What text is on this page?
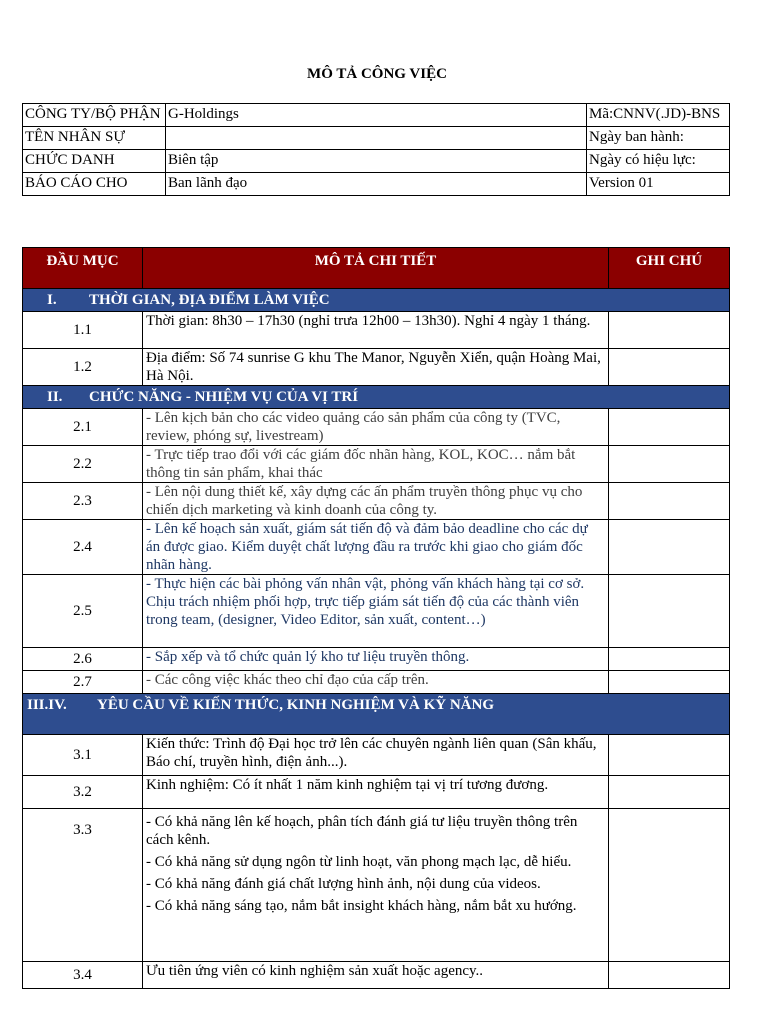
MÔ TẢ CÔNG VIỆC
CÔNG TY/BỘ PHẬN	G-Holdings	Mã:CNNV(.JD)-BNS
TÊN NHÂN SỰ		Ngày ban hành:
CHỨC DANH	Biên tập	Ngày có hiệu lực:
BÁO CÁO CHO	Ban lãnh đạo	Version 01
ĐẦU MỤC	MÔ TẢ CHI TIẾT	GHI CHÚ
I. THỜI GIAN, ĐỊA ĐIỂM LÀM VIỆC		
1.1	Thời gian: 8h30 – 17h30 (nghỉ trưa 12h00 – 13h30). Nghỉ 4 ngày 1 tháng.	
1.2	Địa điểm: Số 74 sunrise G khu The Manor, Nguyễn Xiển, quận Hoàng Mai, Hà Nội.	
II. CHỨC NĂNG - NHIỆM VỤ CỦA VỊ TRÍ		
2.1	- Lên kịch bản cho các video quảng cáo sản phẩm của công ty (TVC, review, phóng sự, livestream)	
2.2	- Trực tiếp trao đổi với các giám đốc nhãn hàng, KOL, KOC… nắm bắt thông tin sản phẩm, khai thác	
2.3	- Lên nội dung thiết kế, xây dựng các ấn phẩm truyền thông phục vụ cho chiến dịch marketing và kinh doanh của công ty.	
2.4	- Lên kế hoạch sản xuất, giám sát tiến độ và đảm bảo deadline cho các dự án được giao. Kiểm duyệt chất lượng đầu ra trước khi giao cho giám đốc nhãn hàng.	
2.5	- Thực hiện các bài phỏng vấn nhân vật, phỏng vấn khách hàng tại cơ sở. Chịu trách nhiệm phối hợp, trực tiếp giám sát tiến độ của các thành viên trong team, (designer, Video Editor, sản xuất, content…)	
2.6	- Sắp xếp và tổ chức quản lý kho tư liệu truyền thông.	
2.7	- Các công việc khác theo chỉ đạo của cấp trên.	
III.IV. YÊU CẦU VỀ KIẾN THỨC, KINH NGHIỆM VÀ KỸ NĂNG		
3.1	Kiến thức: Trình độ Đại học trở lên các chuyên ngành liên quan (Sân khấu, Báo chí, truyền hình, điện ảnh...).	
3.2	Kinh nghiệm: Có ít nhất 1 năm kinh nghiệm tại vị trí tương đương.	
3.3	- Có khả năng lên kế hoạch, phân tích đánh giá tư liệu truyền thông trên cách kênh.
- Có khả năng sử dụng ngôn từ linh hoạt, văn phong mạch lạc, dễ hiểu.
- Có khả năng đánh giá chất lượng hình ảnh, nội dung của videos.
- Có khả năng sáng tạo, nắm bắt insight khách hàng, nắm bắt xu hướng.	

3.4	Ưu tiên ứng viên có kinh nghiệm sản xuất hoặc agency..	
